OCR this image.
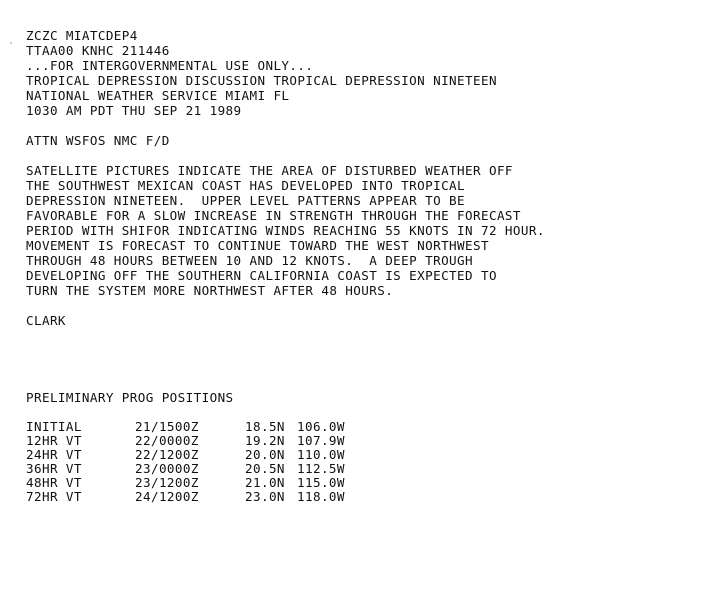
ZCZC MIATCDEP4
TTAA00 KNHC 211446
...FOR INTERGOVERNMENTAL USE ONLY...
TROPICAL DEPRESSION DISCUSSION TROPICAL DEPRESSION NINETEEN
NATIONAL WEATHER SERVICE MIAMI FL
1030 AM PDT THU SEP 21 1989
ATTN WSFOS NMC F/D
SATELLITE PICTURES INDICATE THE AREA OF DISTURBED WEATHER OFF
THE SOUTHWEST MEXICAN COAST HAS DEVELOPED INTO TROPICAL
DEPRESSION NINETEEN.  UPPER LEVEL PATTERNS APPEAR TO BE
FAVORABLE FOR A SLOW INCREASE IN STRENGTH THROUGH THE FORECAST
PERIOD WITH SHIFOR INDICATING WINDS REACHING 55 KNOTS IN 72 HOUR.
MOVEMENT IS FORECAST TO CONTINUE TOWARD THE WEST NORTHWEST
THROUGH 48 HOURS BETWEEN 10 AND 12 KNOTS.  A DEEP TROUGH
DEVELOPING OFF THE SOUTHERN CALIFORNIA COAST IS EXPECTED TO
TURN THE SYSTEM MORE NORTHWEST AFTER 48 HOURS.
CLARK
PRELIMINARY PROG POSITIONS
INITIAL	21/1500Z	18.5N 106.0W
12HR VT	22/0000Z	19.2N 107.9W
24HR VT	22/1200Z	20.0N 110.0W
36HR VT	23/0000Z	20.5N 112.5W
48HR VT	23/1200Z	21.0N 115.0W
72HR VT	24/1200Z	23.0N 118.0W
